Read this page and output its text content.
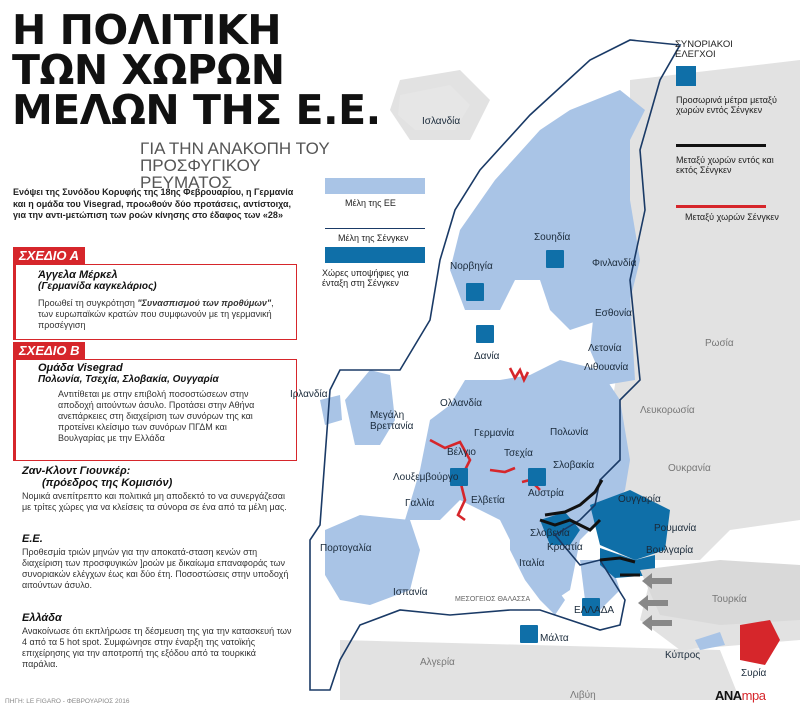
Η ΠΟΛΙΤΙΚΗ
ΤΩΝ ΧΩΡΩΝ
ΜΕΛΩΝ ΤΗΣ Ε.Ε.
ΓΙΑ ΤΗΝ ΑΝΑΚΟΠΗ ΤΟΥ
ΠΡΟΣΦΥΓΙΚΟΥ ΡΕΥΜΑΤΟΣ
Ενόψει της Συνόδου Κορυφής της 18ης Φεβρουαρίου, η Γερμανία και η ομάδα του Visegrad, προωθούν δύο προτάσεις, αντίστοιχα, για την αντι-μετώπιση των ροών κίνησης στο έδαφος των «28»
ΣΧΕΔΙΟ Α
Άγγελα Μέρκελ
(Γερμανίδα καγκελάριος)
Προωθεί τη συγκρότηση "Συνασπισμού των προθύμων", των ευρωπαϊκών κρατών που συμφωνούν με τη γερμανική προσέγγιση
ΣΧΕΔΙΟ Β
Ομάδα Visegrad
Πολωνία, Τσεχία, Σλοβακία, Ουγγαρία
Αντιτίθεται με στην επιβολή ποσοστώσεων στην αποδοχή αιτούντων άσυλο. Προτάσει στην Αθήνα ανεπάρκειες στη διαχείριση των συνόρων της και προτείνει κλείσιμο των συνόρων ΠΓΔΜ και Βουλγαρίας με την Ελλάδα
Ζαν-Κλοντ Γιουνκέρ:
(πρόεδρος της Κομισιόν)
Νομικά ανεπίτρεπτο και πολιτικά μη αποδεκτό το να συνεργάζεσαι με τρίτες χώρες για να κλείσεις τα σύνορα σε ένα από τα μέλη μας.
Ε.Ε.
Προθεσμία τριών μηνών για την αποκατά-σταση κενών στη διαχείριση των προσφυγικών ]ροών με δικαίωμα επαναφοράς των συνοριακών ελέγχων έως και δύο έτη. Ποσοστώσεις στην υποδοχή αιτούντων άσυλο.
Ελλάδα
Ανακοίνωσε ότι εκπλήρωσε τη δέσμευση της για την κατασκευή των 4 από τα 5 hot spot. Συμφώνησε στην έναρξη της νατοϊκής επιχείρησης για την αποτροπή της εξόδου από τα τουρκικά παράλια.
Μέλη της ΕΕ
Μέλη της Σένγκεν
Χώρες υποψήφιες για ένταξη στη Σένγκεν
ΣΥΝΟΡΙΑΚΟΙ ΕΛΕΓΧΟΙ
Προσωρινά μέτρα μεταξύ χωρών εντός Σένγκεν
Μεταξύ χωρών εντός και εκτός Σένγκεν
Μεταξύ χωρών Σένγκεν
Ισλανδία
Νορβηγία
Σουηδία
Φινλανδία
Εσθονία
Λετονία
Λιθουανία
Δανία
Ρωσία
Ιρλανδία
Μεγάλη Βρεττανία
Ολλανδία
Γερμανία	Πολωνία
Λευκορωσία
Βέλγιο	Τσεχία
Λουξεμβούργο
Σλοβακία	Ουκρανία
Γαλλία	Ελβετία
Αυστρία
Ουγγαρία
Σλοβενία
Κροατία
Ρουμανία
Πορτογαλία
Ιταλία
Βουλγαρία
Ισπανία
ΕΛΛΑΔΑ
Τουρκία
Μάλτα
Κύπρος
Αλγερία
Λιβύη
Συρία
ΜΕΣΟΓΕΙΟΣ ΘΑΛΑΣΣΑ
ΠΗΓΗ: LE FIGARO - ΦΕΒΡΟΥΑΡΙΟΣ 2016	ΑΝΑmpa
